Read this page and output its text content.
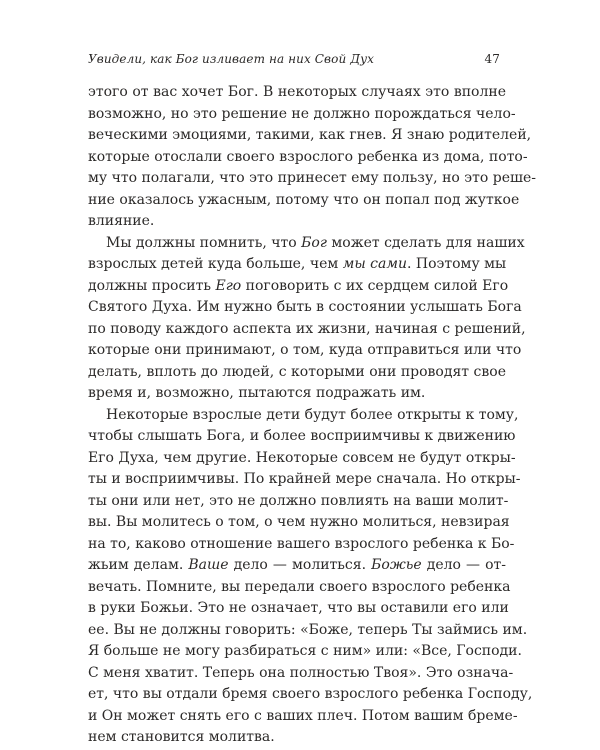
Увидели, как Бог изливает на них Свой Дух	47
этого от вас хочет Бог. В некоторых случаях это вполне
возможно, но это решение не должно порождаться чело-
веческими эмоциями, такими, как гнев. Я знаю родителей,
которые отослали своего взрослого ребенка из дома, пото-
му что полагали, что это принесет ему пользу, но это реше-
ние оказалось ужасным, потому что он попал под жуткое
влияние.
Мы должны помнить, что Бог может сделать для наших
взрослых детей куда больше, чем мы сами. Поэтому мы
должны просить Его поговорить с их сердцем силой Его
Святого Духа. Им нужно быть в состоянии услышать Бога
по поводу каждого аспекта их жизни, начиная с решений,
которые они принимают, о том, куда отправиться или что
делать, вплоть до людей, с которыми они проводят свое
время и, возможно, пытаются подражать им.
Некоторые взрослые дети будут более открыты к тому,
чтобы слышать Бога, и более восприимчивы к движению
Его Духа, чем другие. Некоторые совсем не будут откры-
ты и восприимчивы. По крайней мере сначала. Но откры-
ты они или нет, это не должно повлиять на ваши молит-
вы. Вы молитесь о том, о чем нужно молиться, невзирая
на то, каково отношение вашего взрослого ребенка к Бо-
жьим делам. Ваше дело — молиться. Божье дело — от-
вечать. Помните, вы передали своего взрослого ребенка
в руки Божьи. Это не означает, что вы оставили его или
ее. Вы не должны говорить: «Боже, теперь Ты займись им.
Я больше не могу разбираться с ним» или: «Все, Господи.
С меня хватит. Теперь она полностью Твоя». Это означа-
ет, что вы отдали бремя своего взрослого ребенка Господу,
и Он может снять его с ваших плеч. Потом вашим бреме-
нем становится молитва.
